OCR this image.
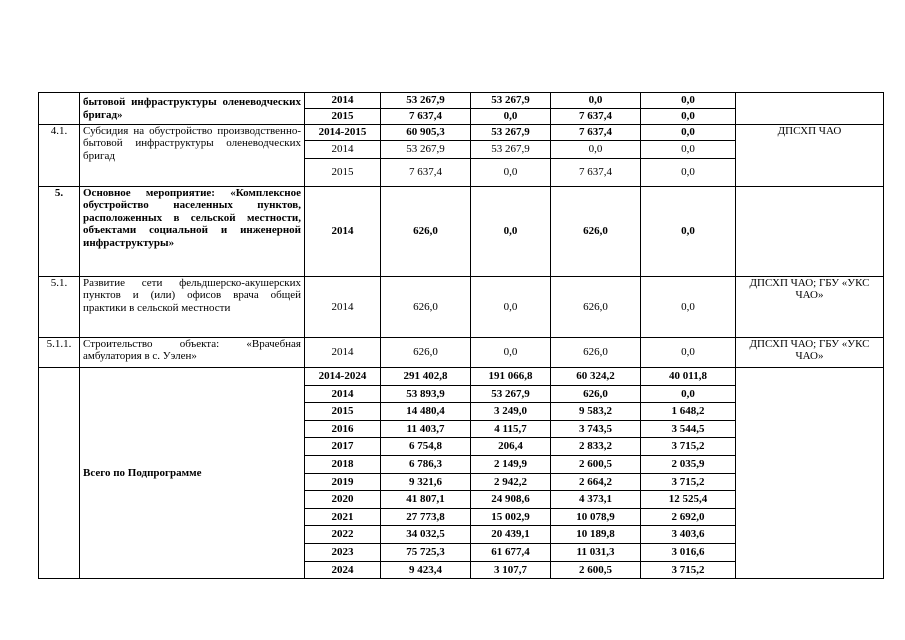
	бытовой инфраструктуры оленеводческих бригад»	2014	53 267,9	53 267,9	0,0	0,0	
		2015	7 637,4	0,0	7 637,4	0,0	
4.1.	Субсидия на обустройство производственно-бытовой инфраструктуры оленеводческих бригад	2014-2015	60 905,3	53 267,9	7 637,4	0,0	ДПСХП ЧАО
		2014	53 267,9	53 267,9	0,0	0,0	
		2015	7 637,4	0,0	7 637,4	0,0	
5.	Основное мероприятие: «Комплексное обустройство населенных пунктов, расположенных в сельской местности, объектами социальной и инженерной инфраструктуры»	2014	626,0	0,0	626,0	0,0	
5.1.	Развитие сети фельдшерско-акушерских пунктов и (или) офисов врача общей практики в сельской местности	2014	626,0	0,0	626,0	0,0	ДПСХП ЧАО; ГБУ «УКС ЧАО»
5.1.1.	Строительство объекта: «Врачебная амбулатория в с. Уэлен»	2014	626,0	0,0	626,0	0,0	ДПСХП ЧАО; ГБУ «УКС ЧАО»
	Всего по Подпрограмме	2014-2024	291 402,8	191 066,8	60 324,2	40 011,8	
		2014	53 893,9	53 267,9	626,0	0,0	
		2015	14 480,4	3 249,0	9 583,2	1 648,2	
		2016	11 403,7	4 115,7	3 743,5	3 544,5	
		2017	6 754,8	206,4	2 833,2	3 715,2	
		2018	6 786,3	2 149,9	2 600,5	2 035,9	
		2019	9 321,6	2 942,2	2 664,2	3 715,2	
		2020	41 807,1	24 908,6	4 373,1	12 525,4	
		2021	27 773,8	15 002,9	10 078,9	2 692,0	
		2022	34 032,5	20 439,1	10 189,8	3 403,6	
		2023	75 725,3	61 677,4	11 031,3	3 016,6	
		2024	9 423,4	3 107,7	2 600,5	3 715,2	
